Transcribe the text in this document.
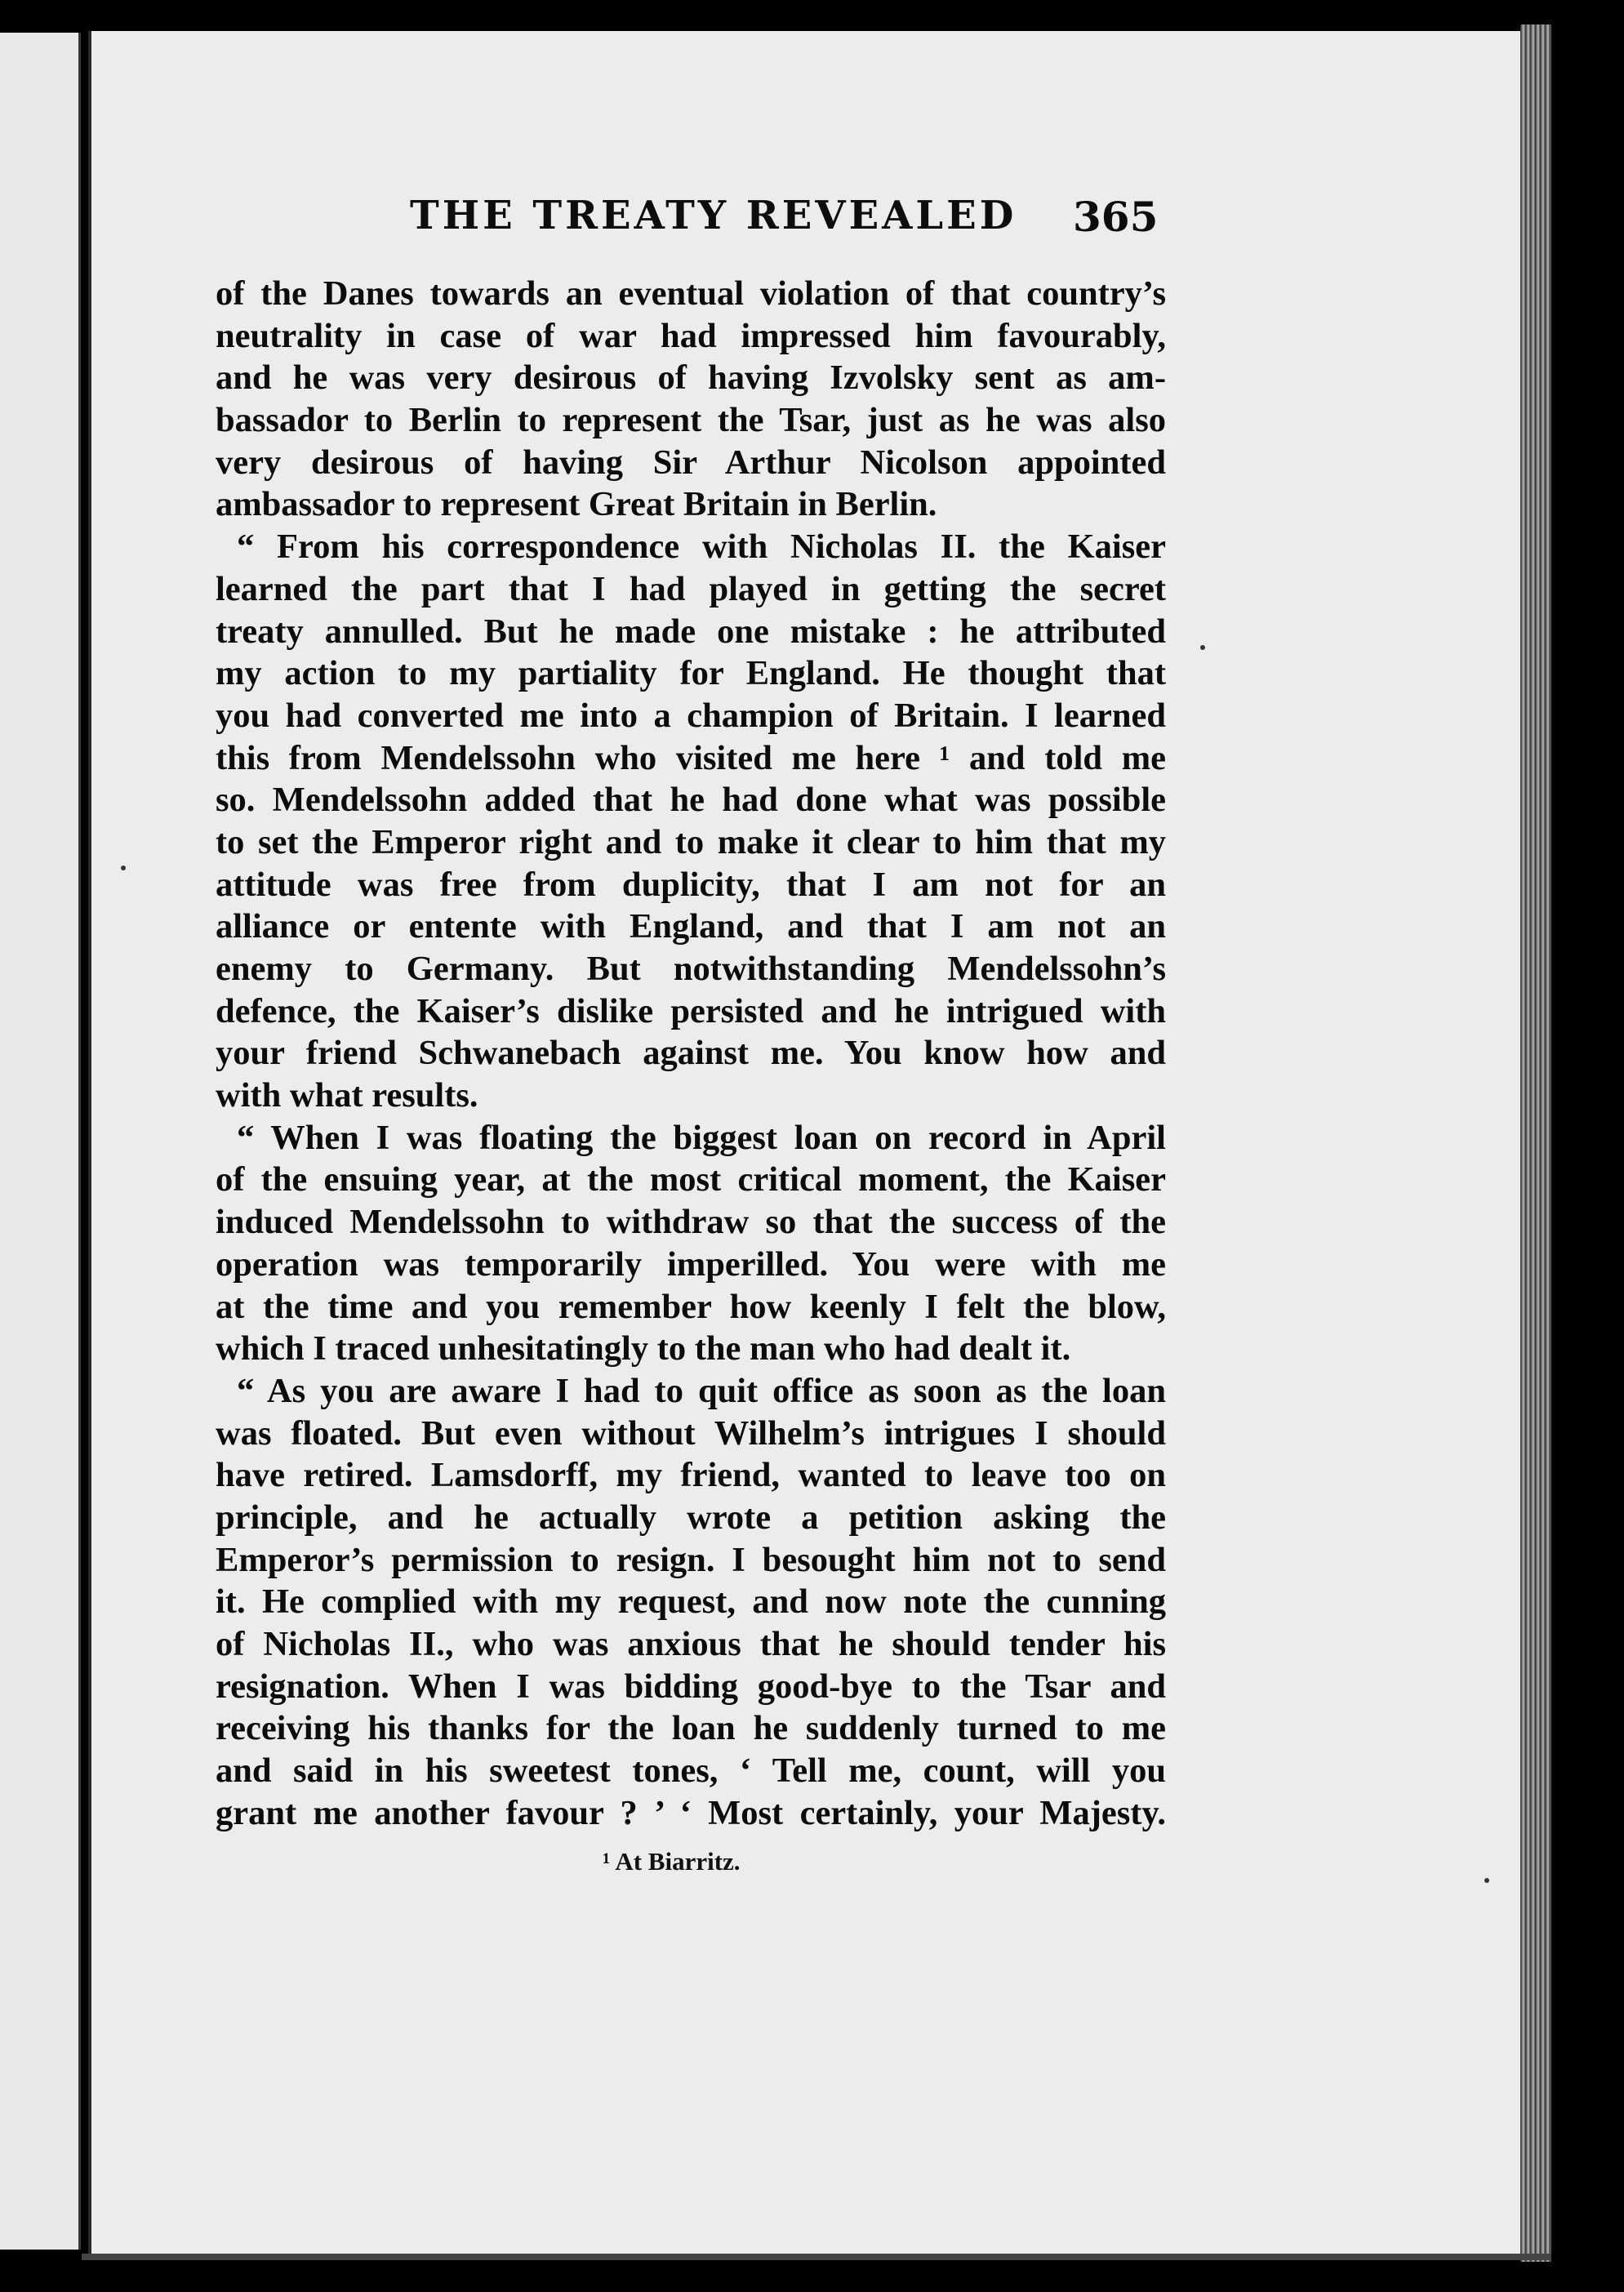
THE TREATY REVEALED 365
of the Danes towards an eventual violation of that country’s
neutrality in case of war had impressed him favourably,
and he was very desirous of having Izvolsky sent as am-
bassador to Berlin to represent the Tsar, just as he was also
very desirous of having Sir Arthur Nicolson appointed
ambassador to represent Great Britain in Berlin.
“ From his correspondence with Nicholas II. the Kaiser
learned the part that I had played in getting the secret
treaty annulled. But he made one mistake : he attributed
my action to my partiality for England. He thought that
you had converted me into a champion of Britain. I learned
this from Mendelssohn who visited me here ¹ and told me
so. Mendelssohn added that he had done what was possible
to set the Emperor right and to make it clear to him that my
attitude was free from duplicity, that I am not for an
alliance or entente with England, and that I am not an
enemy to Germany. But notwithstanding Mendelssohn’s
defence, the Kaiser’s dislike persisted and he intrigued with
your friend Schwanebach against me. You know how and
with what results.
“ When I was floating the biggest loan on record in April
of the ensuing year, at the most critical moment, the Kaiser
induced Mendelssohn to withdraw so that the success of the
operation was temporarily imperilled. You were with me
at the time and you remember how keenly I felt the blow,
which I traced unhesitatingly to the man who had dealt it.
“ As you are aware I had to quit office as soon as the loan
was floated. But even without Wilhelm’s intrigues I should
have retired. Lamsdorff, my friend, wanted to leave too on
principle, and he actually wrote a petition asking the
Emperor’s permission to resign. I besought him not to send
it. He complied with my request, and now note the cunning
of Nicholas II., who was anxious that he should tender his
resignation. When I was bidding good-bye to the Tsar and
receiving his thanks for the loan he suddenly turned to me
and said in his sweetest tones, ‘ Tell me, count, will you
grant me another favour ? ’ ‘ Most certainly, your Majesty.
¹ At Biarritz.
